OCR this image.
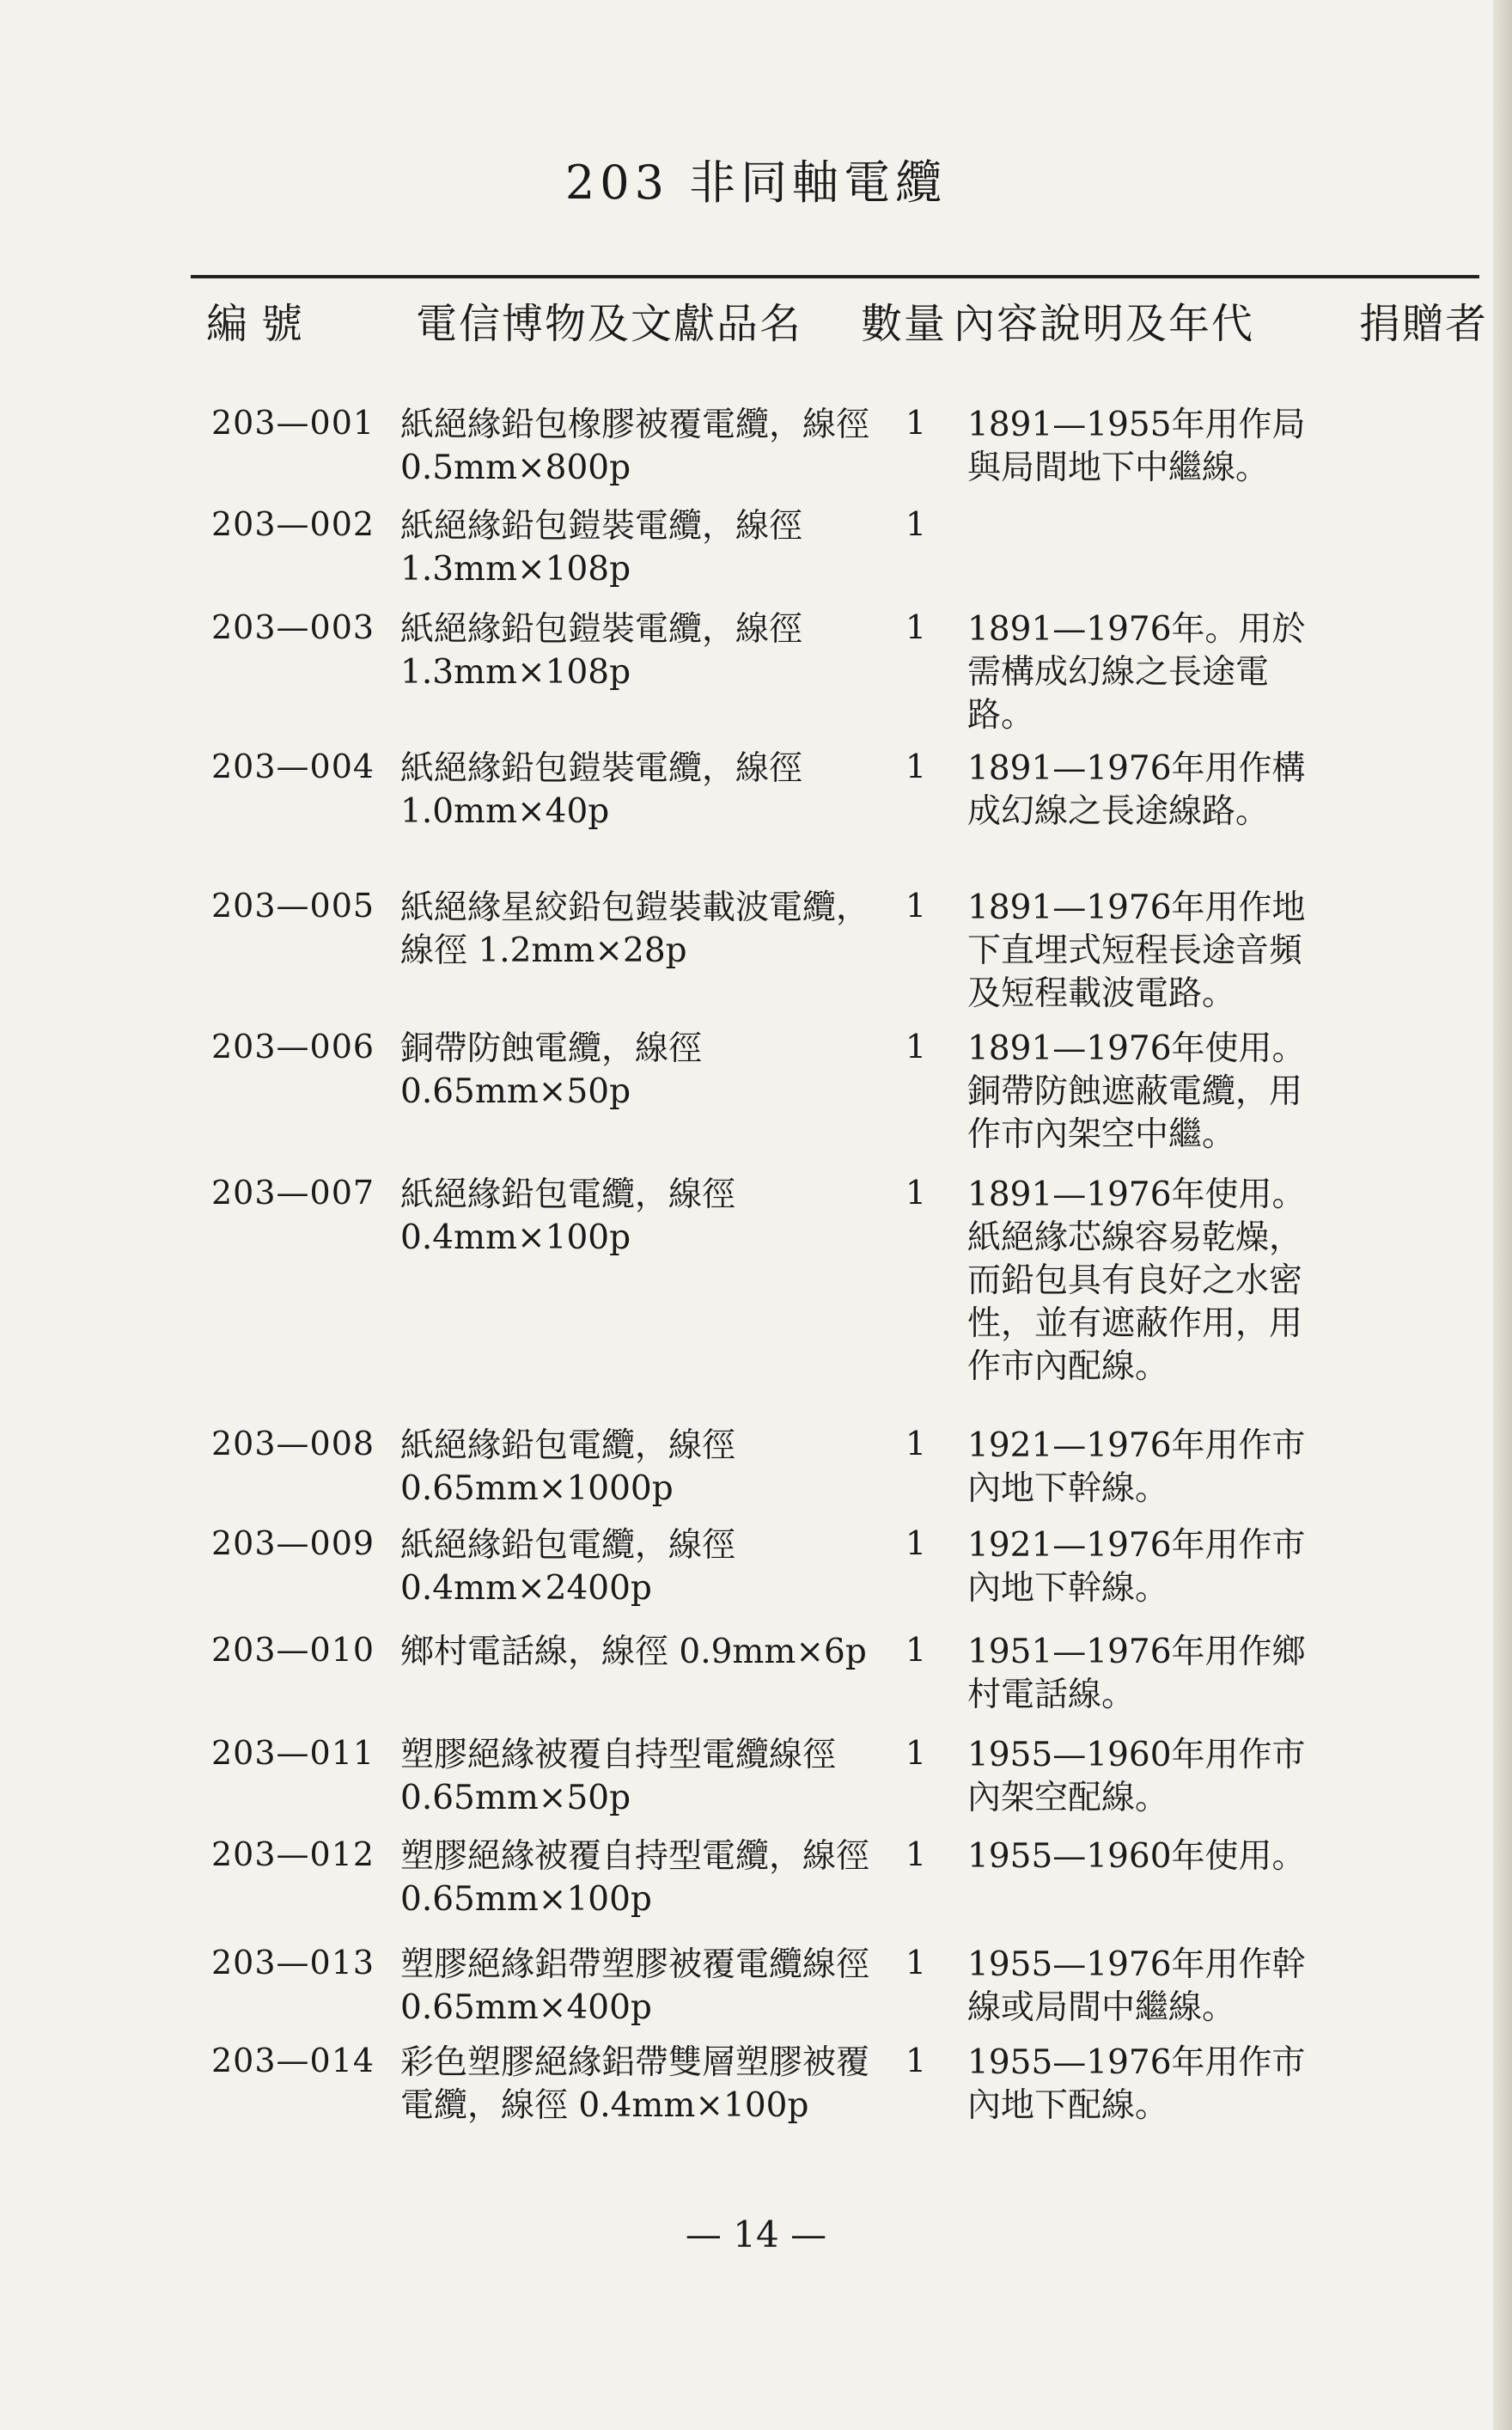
203 非同軸電纜
編號 電信博物及文獻品名 數量 內容說明及年代	捐贈者
203—001 紙絕緣鉛包橡膠被覆電纜，線徑 0.5mm×800p
1 1891—1955年用作局與局間地下中繼線。
203—002 紙絕緣鉛包鎧裝電纜，線徑 1.3mm×108p
1
203—003 紙絕緣鉛包鎧裝電纜，線徑 1.3mm×108p
1 1891—1976年。用於需構成幻線之長途電路。
203—004 紙絕緣鉛包鎧裝電纜，線徑 1.0mm×40p
1 1891—1976年用作構成幻線之長途線路。
203—005 紙絕緣星絞鉛包鎧裝載波電纜，線徑 1.2mm×28p
1 1891—1976年用作地下直埋式短程長途音頻及短程載波電路。
203—006 銅帶防蝕電纜，線徑 0.65mm×50p
1 1891—1976年使用。銅帶防蝕遮蔽電纜，用作市內架空中繼。
203—007 紙絕緣鉛包電纜，線徑 0.4mm×100p
1 1891—1976年使用。紙絕緣芯線容易乾燥，而鉛包具有良好之水密性，並有遮蔽作用，用作市內配線。
203—008 紙絕緣鉛包電纜，線徑 0.65mm×1000p
1 1921—1976年用作市內地下幹線。
203—009 紙絕緣鉛包電纜，線徑 0.4mm×2400p
1 1921—1976年用作市內地下幹線。
203—010 鄉村電話線，線徑 0.9mm×6p 1 1951—1976年用作鄉村電話線。
203—011 塑膠絕緣被覆自持型電纜線徑 0.65mm×50p
1 1955—1960年用作市內架空配線。
203—012 塑膠絕緣被覆自持型電纜，線徑 0.65mm×100p
1 1955—1960年使用。
203—013 塑膠絕緣鋁帶塑膠被覆電纜線徑 0.65mm×400p
1 1955—1976年用作幹線或局間中繼線。
203—014 彩色塑膠絕緣鋁帶雙層塑膠被覆電纜，線徑 0.4mm×100p
1 1955—1976年用作市內地下配線。
— 14 —
